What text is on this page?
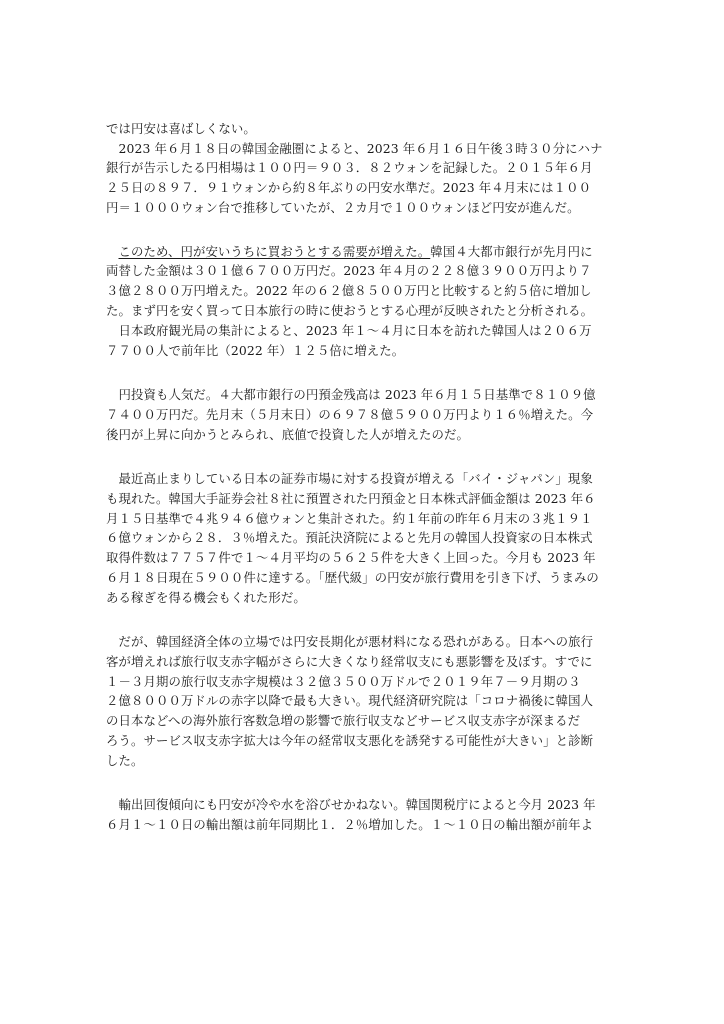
では円安は喜ばしくない。
　2023 年６月１８日の韓国金融圏によると、2023 年６月１６日午後３時３０分にハナ
銀行が告示したる円相場は１００円＝９０３．８２ウォンを記録した。２０１５年６月
２５日の８９７．９１ウォンから約８年ぶりの円安水準だ。2023 年４月末には１００
円＝１０００ウォン台で推移していたが、２カ月で１００ウォンほど円安が進んだ。
　このため、円が安いうちに買おうとする需要が増えた。韓国４大都市銀行が先月円に
両替した金額は３０１億６７００万円だ。2023 年４月の２２８億３９００万円より７
３億２８００万円増えた。2022 年の６２億８５００万円と比較すると約５倍に増加し
た。まず円を安く買って日本旅行の時に使おうとする心理が反映されたと分析される。
　日本政府観光局の集計によると、2023 年１～４月に日本を訪れた韓国人は２０６万
７７００人で前年比（2022 年）１２５倍に増えた。
　円投資も人気だ。４大都市銀行の円預金残高は 2023 年６月１５日基準で８１０９億
７４００万円だ。先月末（５月末日）の６９７８億５９００万円より１６％増えた。今
後円が上昇に向かうとみられ、底値で投資した人が増えたのだ。
　最近高止まりしている日本の証券市場に対する投資が増える「バイ・ジャパン」現象
も現れた。韓国大手証券会社８社に預置された円預金と日本株式評価金額は 2023 年６
月１５日基準で４兆９４６億ウォンと集計された。約１年前の昨年６月末の３兆１９１
６億ウォンから２８．３％増えた。預託決済院によると先月の韓国人投資家の日本株式
取得件数は７７５７件で１～４月平均の５６２５件を大きく上回った。今月も 2023 年
６月１８日現在５９００件に達する。「歴代級」の円安が旅行費用を引き下げ、うまみの
ある稼ぎを得る機会もくれた形だ。
　だが、韓国経済全体の立場では円安長期化が悪材料になる恐れがある。日本への旅行
客が増えれば旅行収支赤字幅がさらに大きくなり経常収支にも悪影響を及ぼす。すでに
１－３月期の旅行収支赤字規模は３２億３５００万ドルで２０１９年７－９月期の３
２億８０００万ドルの赤字以降で最も大きい。現代経済研究院は「コロナ禍後に韓国人
の日本などへの海外旅行客数急増の影響で旅行収支などサービス収支赤字が深まるだ
ろう。サービス収支赤字拡大は今年の経常収支悪化を誘発する可能性が大きい」と診断
した。
　輸出回復傾向にも円安が冷や水を浴びせかねない。韓国関税庁によると今月 2023 年
６月１～１０日の輸出額は前年同期比１．２％増加した。１～１０日の輸出額が前年よ
